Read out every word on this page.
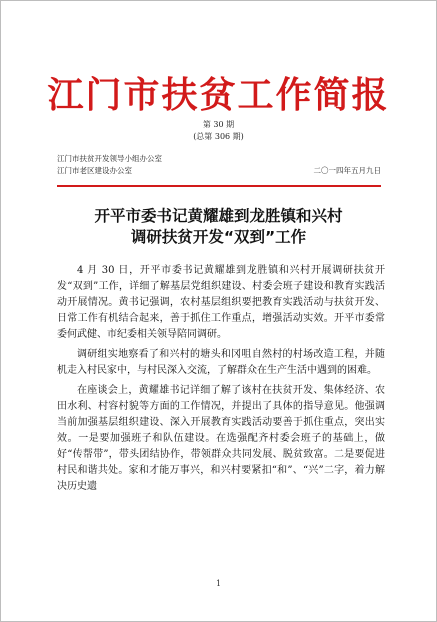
江门市扶贫工作简报
第 30 期
(总第 306 期)
江门市扶贫开发领导小组办公室
江门市老区建设办公室	二〇一四年五月九日
开平市委书记黄耀雄到龙胜镇和兴村
调研扶贫开发“双到”工作

4 月 30 日，开平市委书记黄耀雄到龙胜镇和兴村开展调研扶贫开发“双到”工作，详细了解基层党组织建设、村委会班子建设和教育实践活动开展情况。黄书记强调，农村基层组织要把教育实践活动与扶贫开发、日常工作有机结合起来，善于抓住工作重点，增强活动实效。开平市委常委何武健、市纪委相关领导陪同调研。

调研组实地察看了和兴村的塘头和冈咀自然村的村场改造工程，并随机走入村民家中，与村民深入交流，了解群众在生产生活中遇到的困难。

在座谈会上，黄耀雄书记详细了解了该村在扶贫开发、集体经济、农田水利、村容村貌等方面的工作情况，并提出了具体的指导意见。他强调当前加强基层组织建设、深入开展教育实践活动要善于抓住重点，突出实效。一是要加强班子和队伍建设。在选强配齐村委会班子的基础上，做好“传帮带”，带头团结协作，带领群众共同发展、脱贫致富。二是要促进村民和谐共处。家和才能万事兴，和兴村要紧扣“和”、“兴”二字，着力解决历史遗

1
